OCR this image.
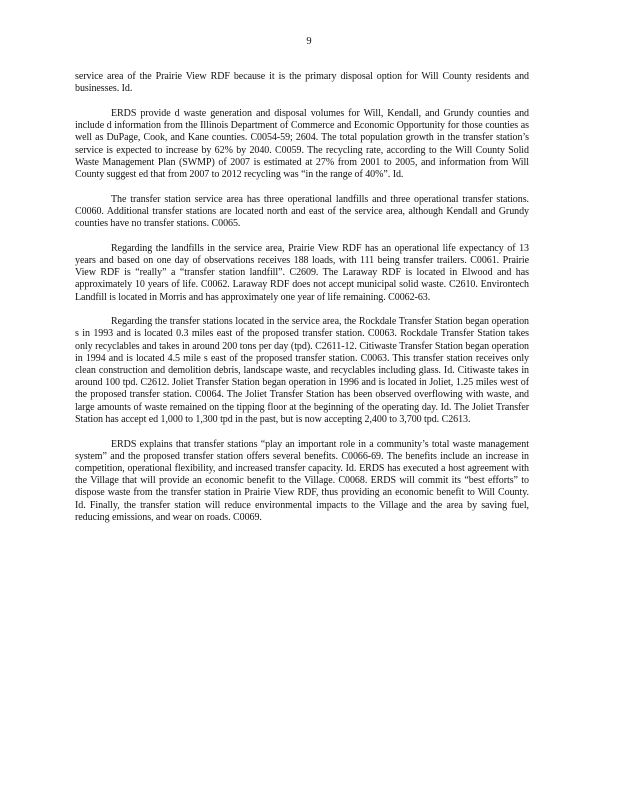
9

service area of the Prairie View RDF because it is the primary disposal option for Will County residents and businesses. Id.

ERDS provide d waste generation and disposal volumes for Will, Kendall, and Grundy counties and include d information from the Illinois Department of Commerce and Economic Opportunity for those counties as well as DuPage, Cook, and Kane counties. C0054-59; 2604. The total population growth in the transfer station’s service is expected to increase by 62% by 2040. C0059. The recycling rate, according to the Will County Solid Waste Management Plan (SWMP) of 2007 is estimated at 27% from 2001 to 2005, and information from Will County suggest ed that from 2007 to 2012 recycling was “in the range of 40%”. Id.

The transfer station service area has three operational landfills and three operational transfer stations. C0060. Additional transfer stations are located north and east of the service area, although Kendall and Grundy counties have no transfer stations. C0065.

Regarding the landfills in the service area, Prairie View RDF has an operational life expectancy of 13 years and based on one day of observations receives 188 loads, with 111 being transfer trailers. C0061. Prairie View RDF is “really” a “transfer station landfill”. C2609. The Laraway RDF is located in Elwood and has approximately 10 years of life. C0062. Laraway RDF does not accept municipal solid waste. C2610. Environtech Landfill is located in Morris and has approximately one year of life remaining. C0062-63.

Regarding the transfer stations located in the service area, the Rockdale Transfer Station began operation s in 1993 and is located 0.3 miles east of the proposed transfer station. C0063. Rockdale Transfer Station takes only recyclables and takes in around 200 tons per day (tpd). C2611-12. Citiwaste Transfer Station began operation in 1994 and is located 4.5 mile s east of the proposed transfer station. C0063. This transfer station receives only clean construction and demolition debris, landscape waste, and recyclables including glass. Id. Citiwaste takes in around 100 tpd. C2612. Joliet Transfer Station began operation in 1996 and is located in Joliet, 1.25 miles west of the proposed transfer station. C0064. The Joliet Transfer Station has been observed overflowing with waste, and large amounts of waste remained on the tipping floor at the beginning of the operating day. Id. The Joliet Transfer Station has accept ed 1,000 to 1,300 tpd in the past, but is now accepting 2,400 to 3,700 tpd. C2613.

ERDS explains that transfer stations “play an important role in a community’s total waste management system” and the proposed transfer station offers several benefits. C0066-69. The benefits include an increase in competition, operational flexibility, and increased transfer capacity. Id. ERDS has executed a host agreement with the Village that will provide an economic benefit to the Village. C0068. ERDS will commit its “best efforts” to dispose waste from the transfer station in Prairie View RDF, thus providing an economic benefit to Will County. Id. Finally, the transfer station will reduce environmental impacts to the Village and the area by saving fuel, reducing emissions, and wear on roads. C0069.
